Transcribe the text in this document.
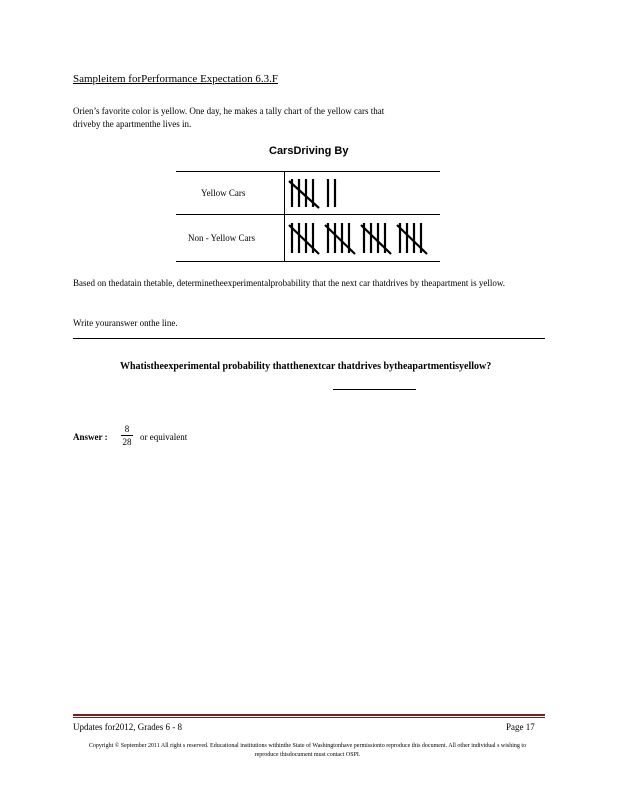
Sampleitem forPerformance Expectation 6.3.F
Orien’s favorite color is yellow. One day, he makes a tally chart of the yellow cars that driveby the apartmenthe lives in.
CarsDriving By
Yellow Cars
Non - Yellow Cars
Based on thedatain thetable, determinetheexperimentalprobability that the next car thatdrives by theapartment is yellow.
Write youranswer onthe line.
Whatistheexperimental probability thatthenextcar thatdrives bytheapartmentisyellow?
Answer :
8
28 or equivalent
Updates for2012, Grades 6 - 8	Page 17
Copyright © September 2011 All right s reserved. Educational institutions withinthe State of Washingtonhave permissionto reproduce this document. All other individual s wishing to reproduce thisdocument must contact OSPI.
